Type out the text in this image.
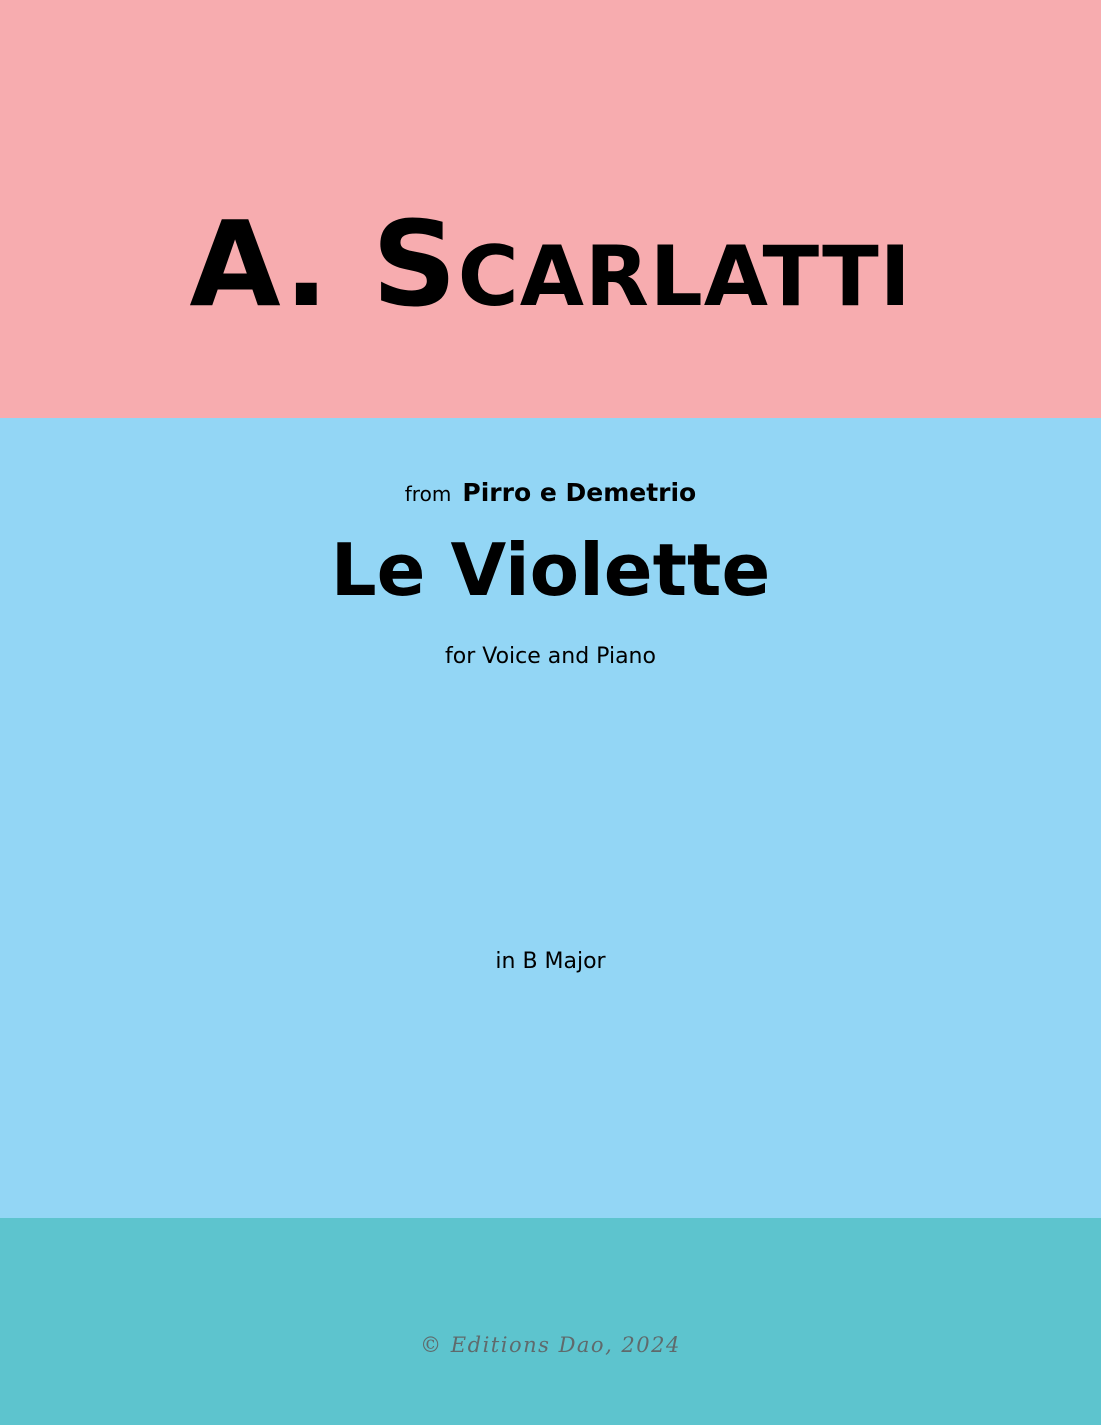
A. Scarlatti
from Pirro e Demetrio
Le Violette
for Voice and Piano
in B Major
© Editions Dao, 2024
